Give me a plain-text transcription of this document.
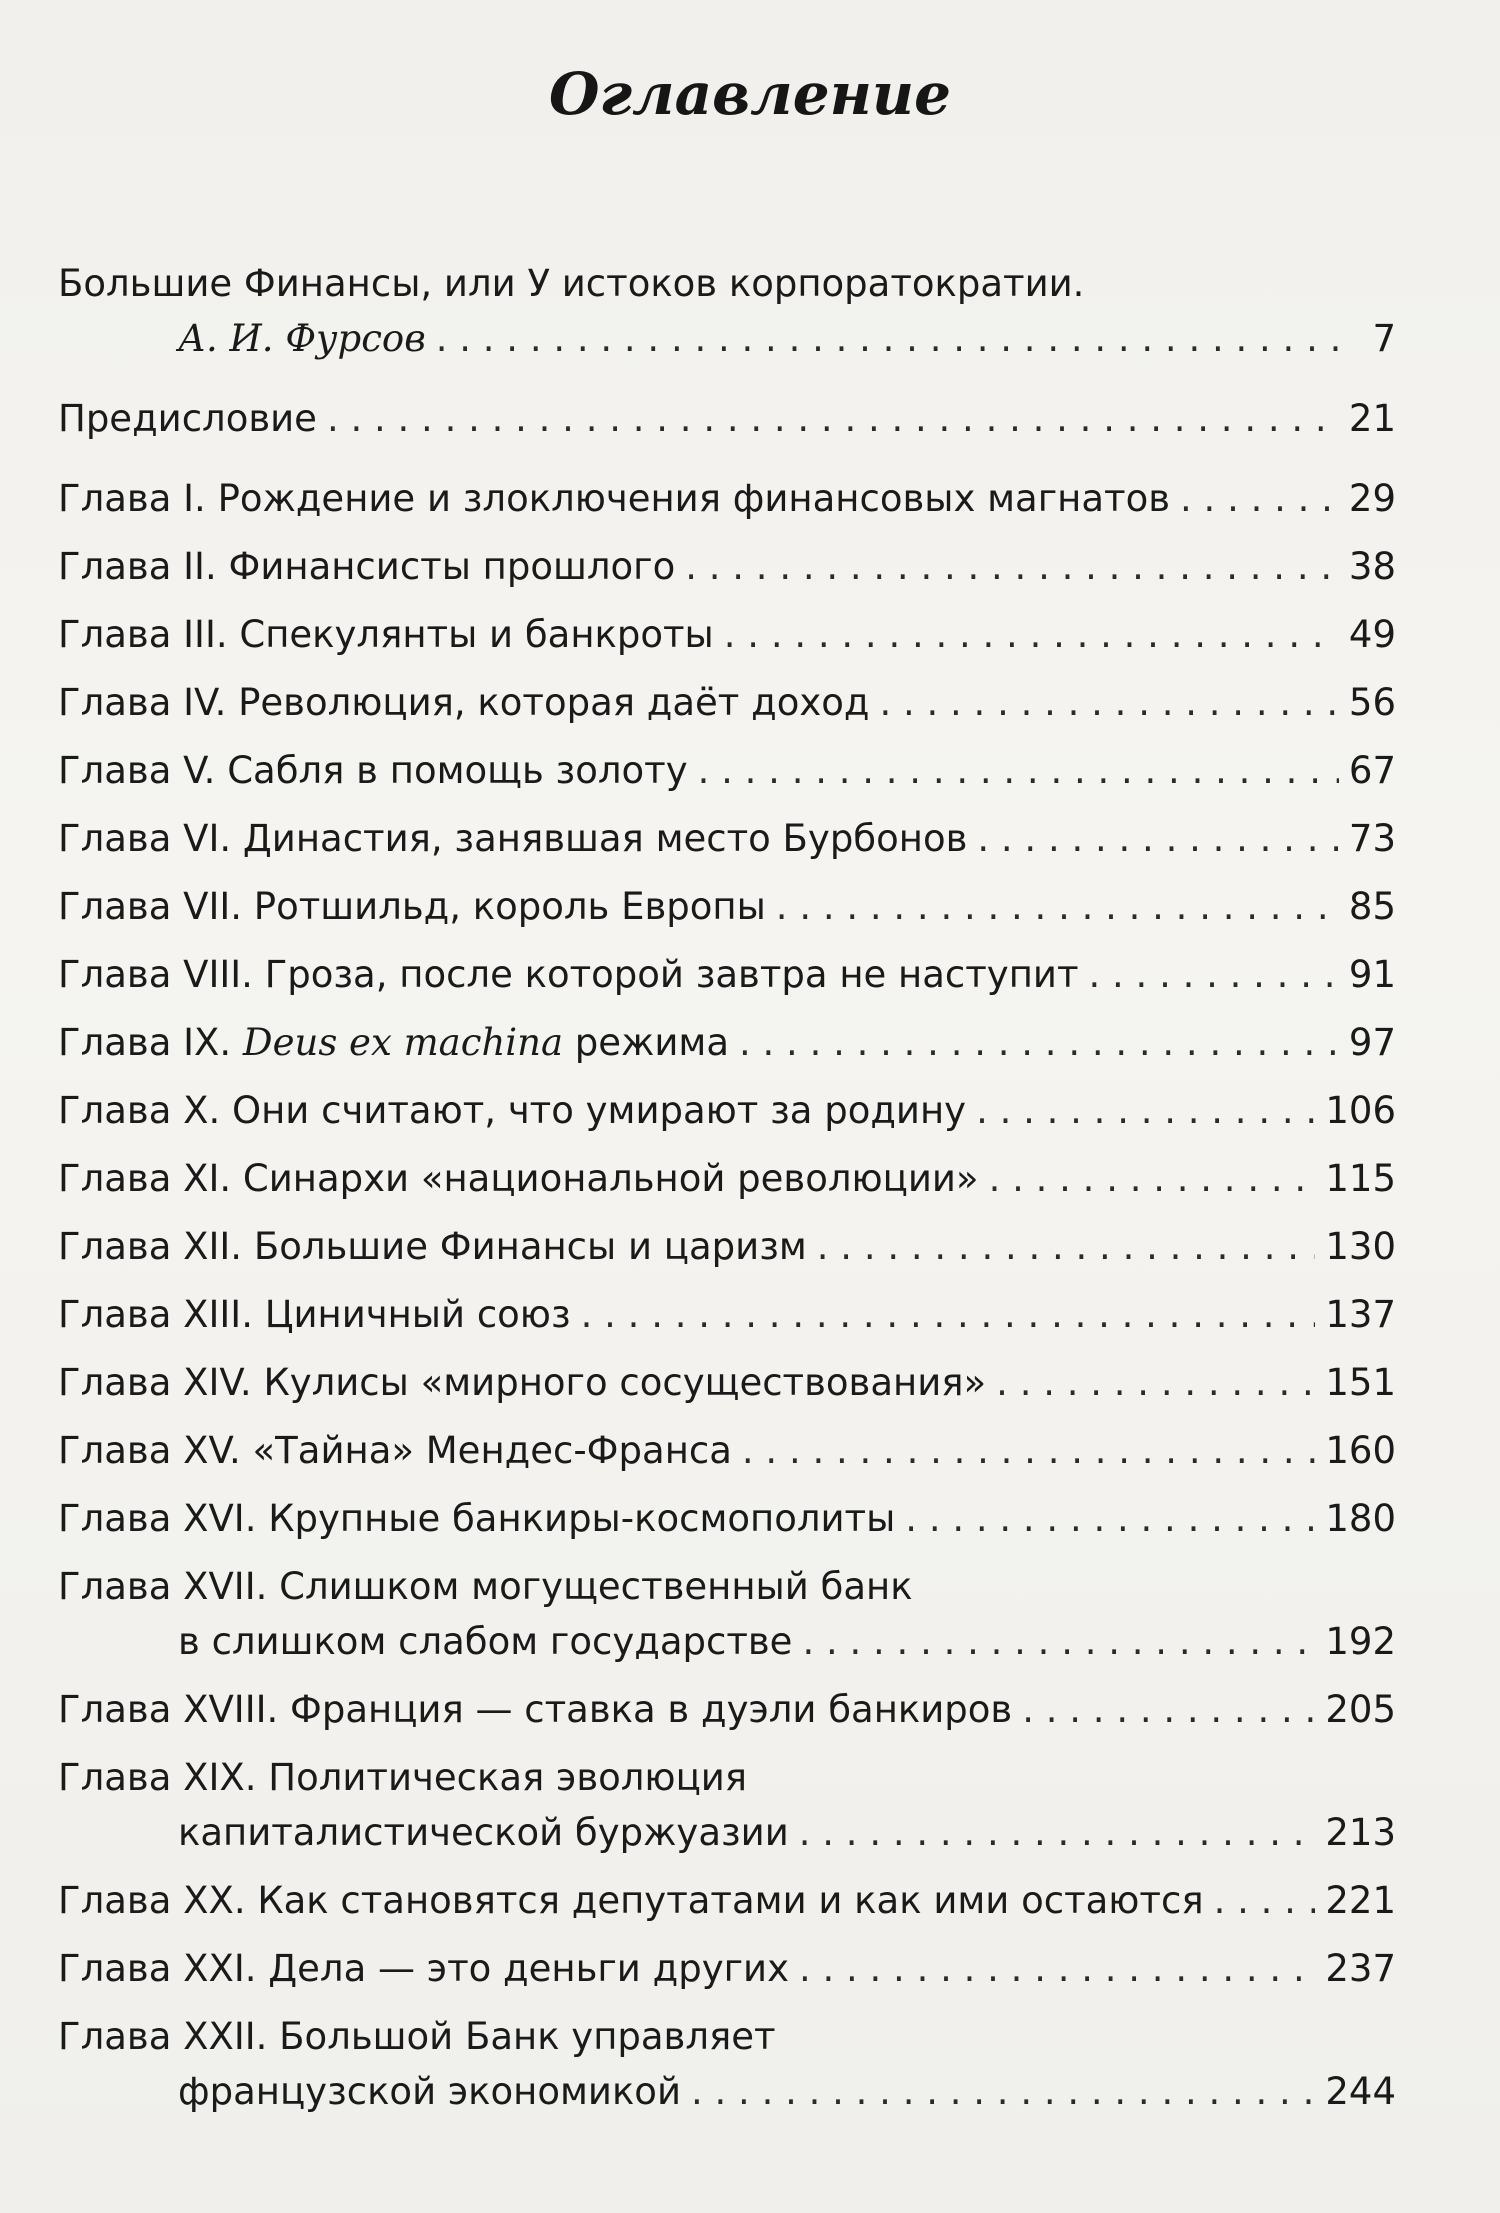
Оглавление
Большие Финансы, или У истоков корпоратократии.
А. И. Фурсов . . .	7
Предисловие . . .	21
Глава I. Рождение и злоключения финансовых магнатов . . .	29
Глава II. Финансисты прошлого . . .	38
Глава III. Спекулянты и банкроты . . .	49
Глава IV. Революция, которая даёт доход . . .	56
Глава V. Сабля в помощь золоту . . .	67
Глава VI. Династия, занявшая место Бурбонов . . .	73
Глава VII. Ротшильд, король Европы . . .	85
Глава VIII. Гроза, после которой завтра не наступит . . .	91
Глава IX. Deus ex machina режима . . .	97
Глава X. Они считают, что умирают за родину . . .	106
Глава XI. Синархи «национальной революции» . . .	115
Глава XII. Большие Финансы и царизм . . .	130
Глава XIII. Циничный союз . . .	137
Глава XIV. Кулисы «мирного сосуществования» . . .	151
Глава XV. «Тайна» Мендес-Франса . . .	160
Глава XVI. Крупные банкиры-космополиты . . .	180
Глава XVII. Слишком могущественный банк
в слишком слабом государстве . . .	192
Глава XVIII. Франция — ставка в дуэли банкиров . . .	205
Глава XIX. Политическая эволюция
капиталистической буржуазии . . .	213
Глава XX. Как становятся депутатами и как ими остаются . . .	221
Глава XXI. Дела — это деньги других . . .	237
Глава XXII. Большой Банк управляет
французской экономикой . . .	244
